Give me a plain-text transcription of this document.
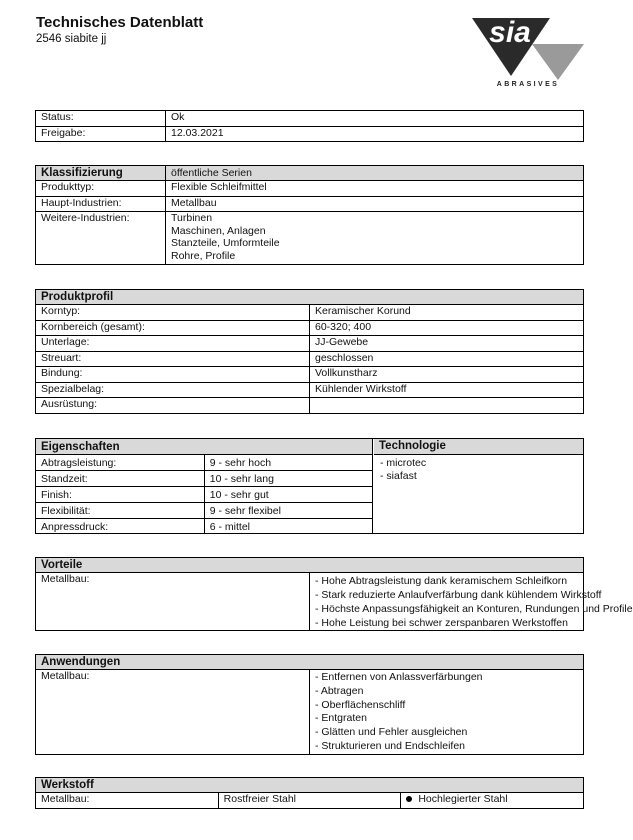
Technisches Datenblatt
2546 siabite jj	sia
ABRASIVES
Status:	Ok
Freigabe:	12.03.2021
Klassifizierung	öffentliche Serien
Produkttyp:	Flexible Schleifmittel
Haupt-Industrien:	Metallbau
Weitere-Industrien:	Turbinen
Maschinen, Anlagen
Stanzteile, Umformteile
Rohre, Profile
Produktprofil	
Korntyp:	Keramischer Korund
Kornbereich (gesamt):	60-320; 400
Unterlage:	JJ-Gewebe
Streuart:	geschlossen
Bindung:	Vollkunstharz
Spezialbelag:	Kühlender Wirkstoff
Ausrüstung:	
Eigenschaften	
Abtragsleistung:	9 - sehr hoch
Standzeit:	10 - sehr lang
Finish:	10 - sehr gut
Flexibilität:	9 - sehr flexibel
Anpressdruck:	6 - mittel
Technologie
- microtec
- siafast
Vorteile
Metallbau:	- Hohe Abtragsleistung dank keramischem Schleifkorn
- Stark reduzierte Anlaufverfärbung dank kühlendem Wirkstoff
- Höchste Anpassungsfähigkeit an Konturen, Rundungen und Profile
- Hohe Leistung bei schwer zerspanbaren Werkstoffen
Anwendungen
Metallbau:	- Entfernen von Anlassverfärbungen
- Abtragen
- Oberflächenschliff
- Entgraten
- Glätten und Fehler ausgleichen
- Strukturieren und Endschleifen
Werkstoff
Metallbau:	Rostfreier Stahl	Hochlegierter Stahl
